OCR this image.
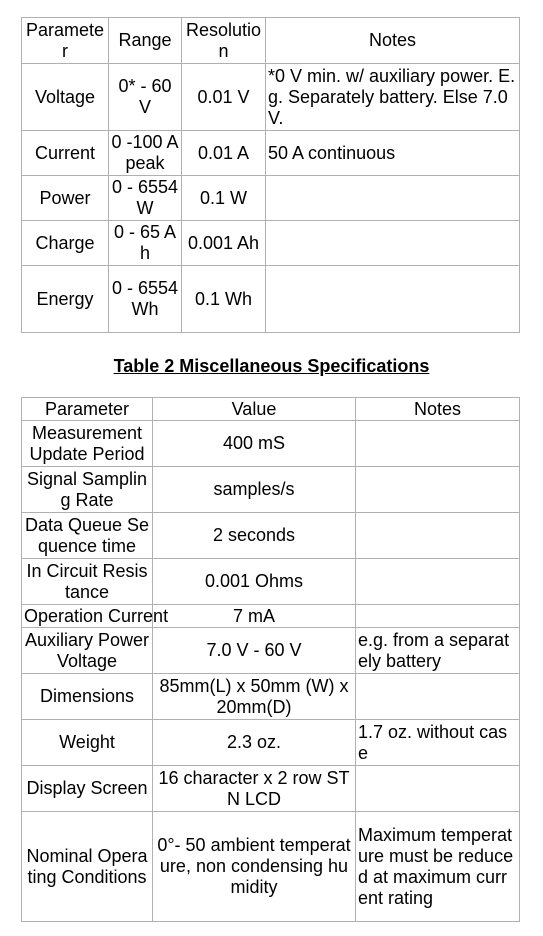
Paramete r	Range	Resolutio n	Notes
Voltage	0* - 60 V	0.01 V	*0 V min. w/ auxiliary power. E.g. Separately battery. Else 7.0V.
Current	0 -100 A peak	0.01 A	50 A continuous
Power	0 - 6554 W	0.1 W	
Charge	0 - 65 Ah	0.001 Ah	
Energy	0 - 6554 Wh	0.1 Wh	
Table 2 Miscellaneous Specifications
Parameter	Value	Notes
Measurement Update Period	400 mS	
Signal Sampling Rate	samples/s	
Data Queue Sequence time	2 seconds	
In Circuit Resistance	0.001 Ohms	
Operation Current	7 mA	
Auxiliary Power Voltage	7.0 V - 60 V	e.g. from a separately battery
Dimensions	85mm(L) x 50mm (W) x 20mm(D)	
Weight	2.3 oz.	1.7 oz. without case
Display Screen	16 character x 2 row STN LCD	
Nominal Operating Conditions	0°- 50 ambient temperature, non condensing humidity	Maximum temperature must be reduced at maximum current rating
